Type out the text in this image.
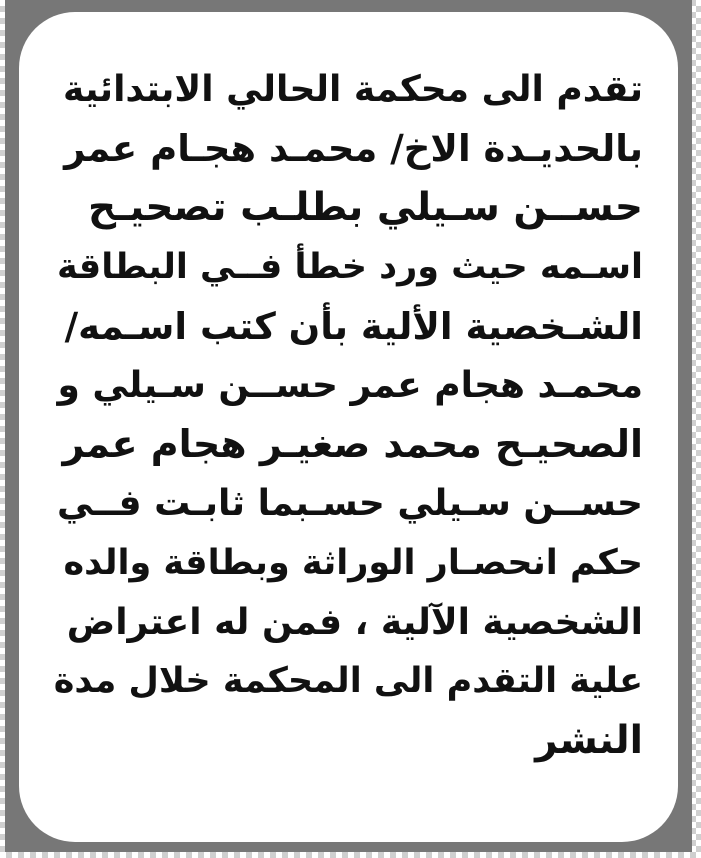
تقدم الى محكمة الحالي الابتدائية
بالحديـدة الاخ/ محمـد هجـام عمر
حســن سـيلي بطلـب تصحيـح
اسـمه حيث ورد خطأ فــي البطاقة
الشـخصية الألية بأن كتب اسـمه/
محمـد هجام عمر حســن سـيلي و
الصحيـح محمد صغيـر هجام عمر
حســن سـيلي حسـبما ثابـت فــي
حكم انحصـار الوراثة وبطاقة والده
الشخصية الآلية ، فمن له اعتراض
علية التقدم الى المحكمة خلال مدة
النشر
